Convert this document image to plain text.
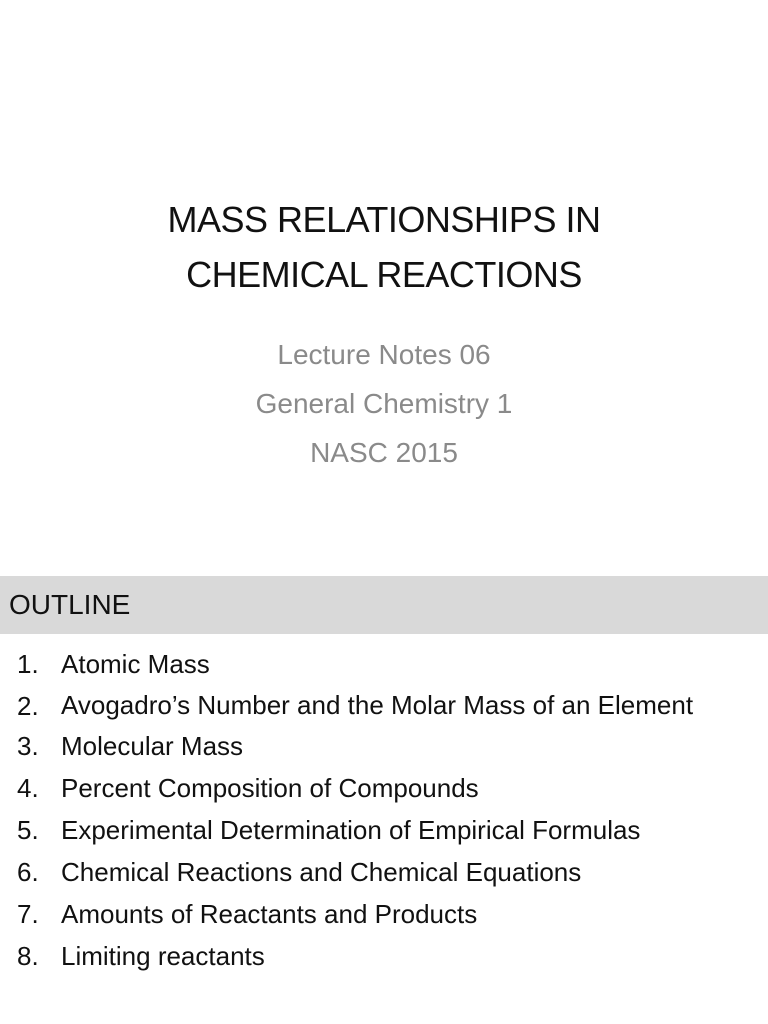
MASS RELATIONSHIPS IN
CHEMICAL REACTIONS
Lecture Notes 06
General Chemistry 1
NASC 2015
OUTLINE
1. Atomic Mass
2. Avogadro’s Number and the Molar Mass of an Element
3. Molecular Mass
4. Percent Composition of Compounds
5. Experimental Determination of Empirical Formulas
6. Chemical Reactions and Chemical Equations
7. Amounts of Reactants and Products
8. Limiting reactants
